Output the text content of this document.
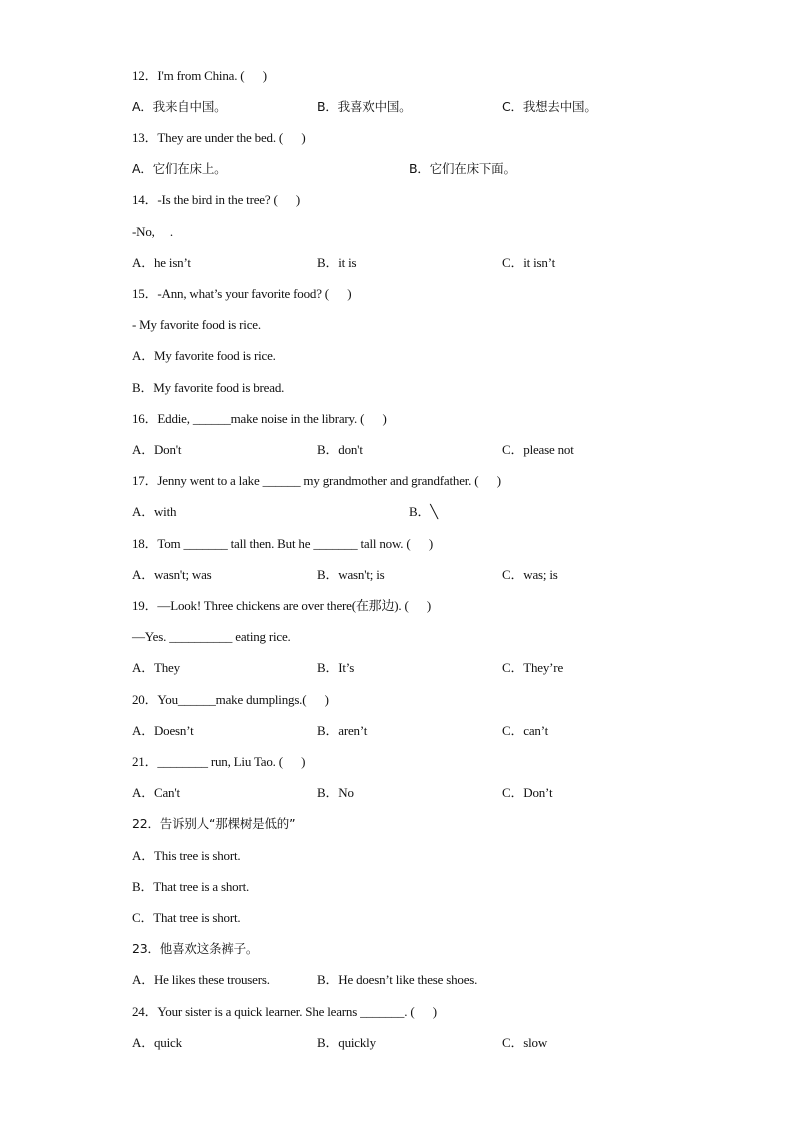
12．I'm from China. (      )
A．我来自中国。	B．我喜欢中国。	C．我想去中国。
13．They are under the bed. (      )
A．它们在床上。	B．它们在床下面。
14．-Is the bird in the tree? (      )
-No,     .
A．he isn’t	B．it is	C．it isn’t
15．-Ann, what’s your favorite food? (      )
- My favorite food is rice.
A．My favorite food is rice.
B．My favorite food is bread.
16．Eddie, ______make noise in the library. (      )
A．Don't	B．don't	C．please not
17．Jenny went to a lake ______ my grandmother and grandfather. (      )
A．with	B．╲
18．Tom _______ tall then. But he _______ tall now. (      )
A．wasn't; was	B．wasn't; is	C．was; is
19．—Look! Three chickens are over there(在那边). (      )
—Yes. __________ eating rice.
A．They	B．It’s	C．They’re
20．You______make dumplings.(      )
A．Doesn’t	B．aren’t	C．can’t
21．________ run, Liu Tao. (      )
A．Can't	B．No	C．Don’t
22．告诉别人“那棵树是低的”
A．This tree is short.
B．That tree is a short.
C．That tree is short.
23．他喜欢这条裤子。
A．He likes these trousers.	B．He doesn’t like these shoes.
24．Your sister is a quick learner. She learns _______. (      )
A．quick	B．quickly	C．slow
